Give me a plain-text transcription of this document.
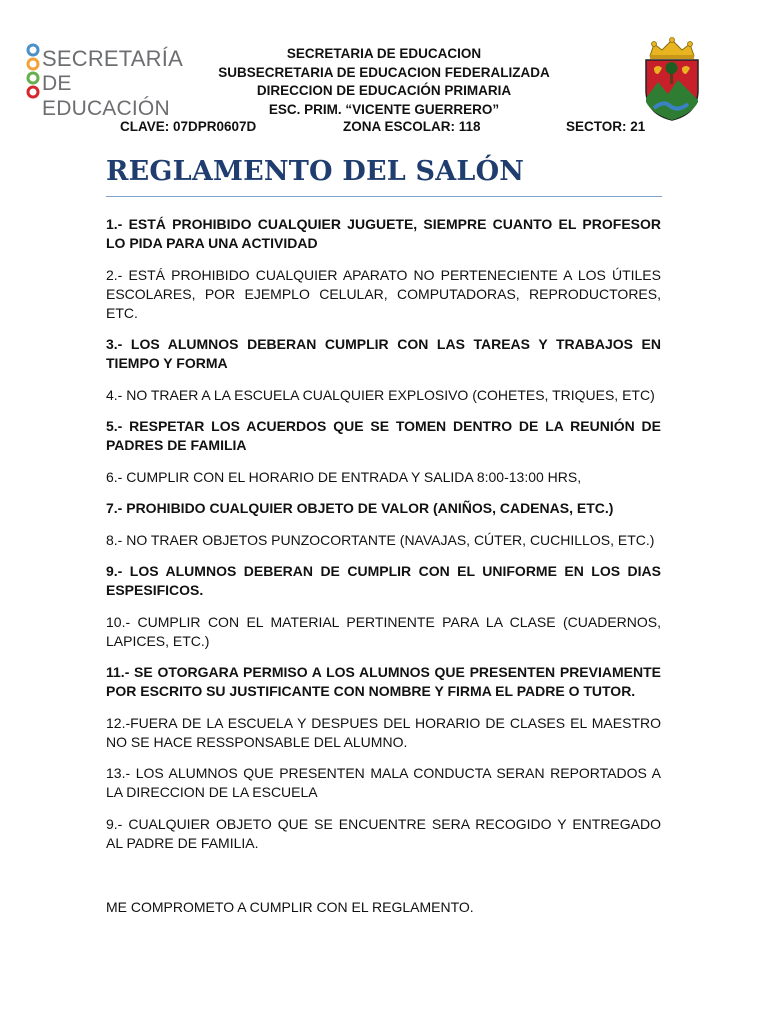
SECRETARÍA
DE EDUCACIÓN
SECRETARIA DE EDUCACION
SUBSECRETARIA DE EDUCACION FEDERALIZADA
DIRECCION DE EDUCACIÓN PRIMARIA
ESC. PRIM. “VICENTE GUERRERO”
CLAVE: 07DPR0607D	ZONA ESCOLAR: 118	SECTOR: 21
REGLAMENTO DEL SALÓN

1.- ESTÁ PROHIBIDO CUALQUIER JUGUETE, SIEMPRE CUANTO EL PROFESOR LO PIDA PARA UNA ACTIVIDAD

2.- ESTÁ PROHIBIDO CUALQUIER APARATO NO PERTENECIENTE A LOS ÚTILES ESCOLARES, POR EJEMPLO CELULAR, COMPUTADORAS, REPRODUCTORES, ETC.

3.- LOS ALUMNOS DEBERAN CUMPLIR CON LAS TAREAS Y TRABAJOS EN TIEMPO Y FORMA

4.- NO TRAER A LA ESCUELA CUALQUIER EXPLOSIVO (COHETES, TRIQUES, ETC)

5.- RESPETAR LOS ACUERDOS QUE SE TOMEN DENTRO DE LA REUNIÓN DE PADRES DE FAMILIA

6.- CUMPLIR CON EL HORARIO DE ENTRADA Y SALIDA 8:00-13:00 HRS,

7.- PROHIBIDO CUALQUIER OBJETO DE VALOR (ANIÑOS, CADENAS, ETC.)

8.- NO TRAER OBJETOS PUNZOCORTANTE (NAVAJAS, CÚTER, CUCHILLOS, ETC.)

9.- LOS ALUMNOS DEBERAN DE CUMPLIR CON EL UNIFORME EN LOS DIAS ESPESIFICOS.

10.- CUMPLIR CON EL MATERIAL PERTINENTE PARA LA CLASE (CUADERNOS, LAPICES, ETC.)

11.- SE OTORGARA PERMISO A LOS ALUMNOS QUE PRESENTEN PREVIAMENTE POR ESCRITO SU JUSTIFICANTE CON NOMBRE Y FIRMA EL PADRE O TUTOR.

12.-FUERA DE LA ESCUELA Y DESPUES DEL HORARIO DE CLASES EL MAESTRO NO SE HACE RESSPONSABLE DEL ALUMNO.

13.- LOS ALUMNOS QUE PRESENTEN MALA CONDUCTA SERAN REPORTADOS A LA DIRECCION DE LA ESCUELA

9.- CUALQUIER OBJETO QUE SE ENCUENTRE SERA RECOGIDO Y ENTREGADO AL PADRE DE FAMILIA.

ME COMPROMETO A CUMPLIR CON EL REGLAMENTO.
